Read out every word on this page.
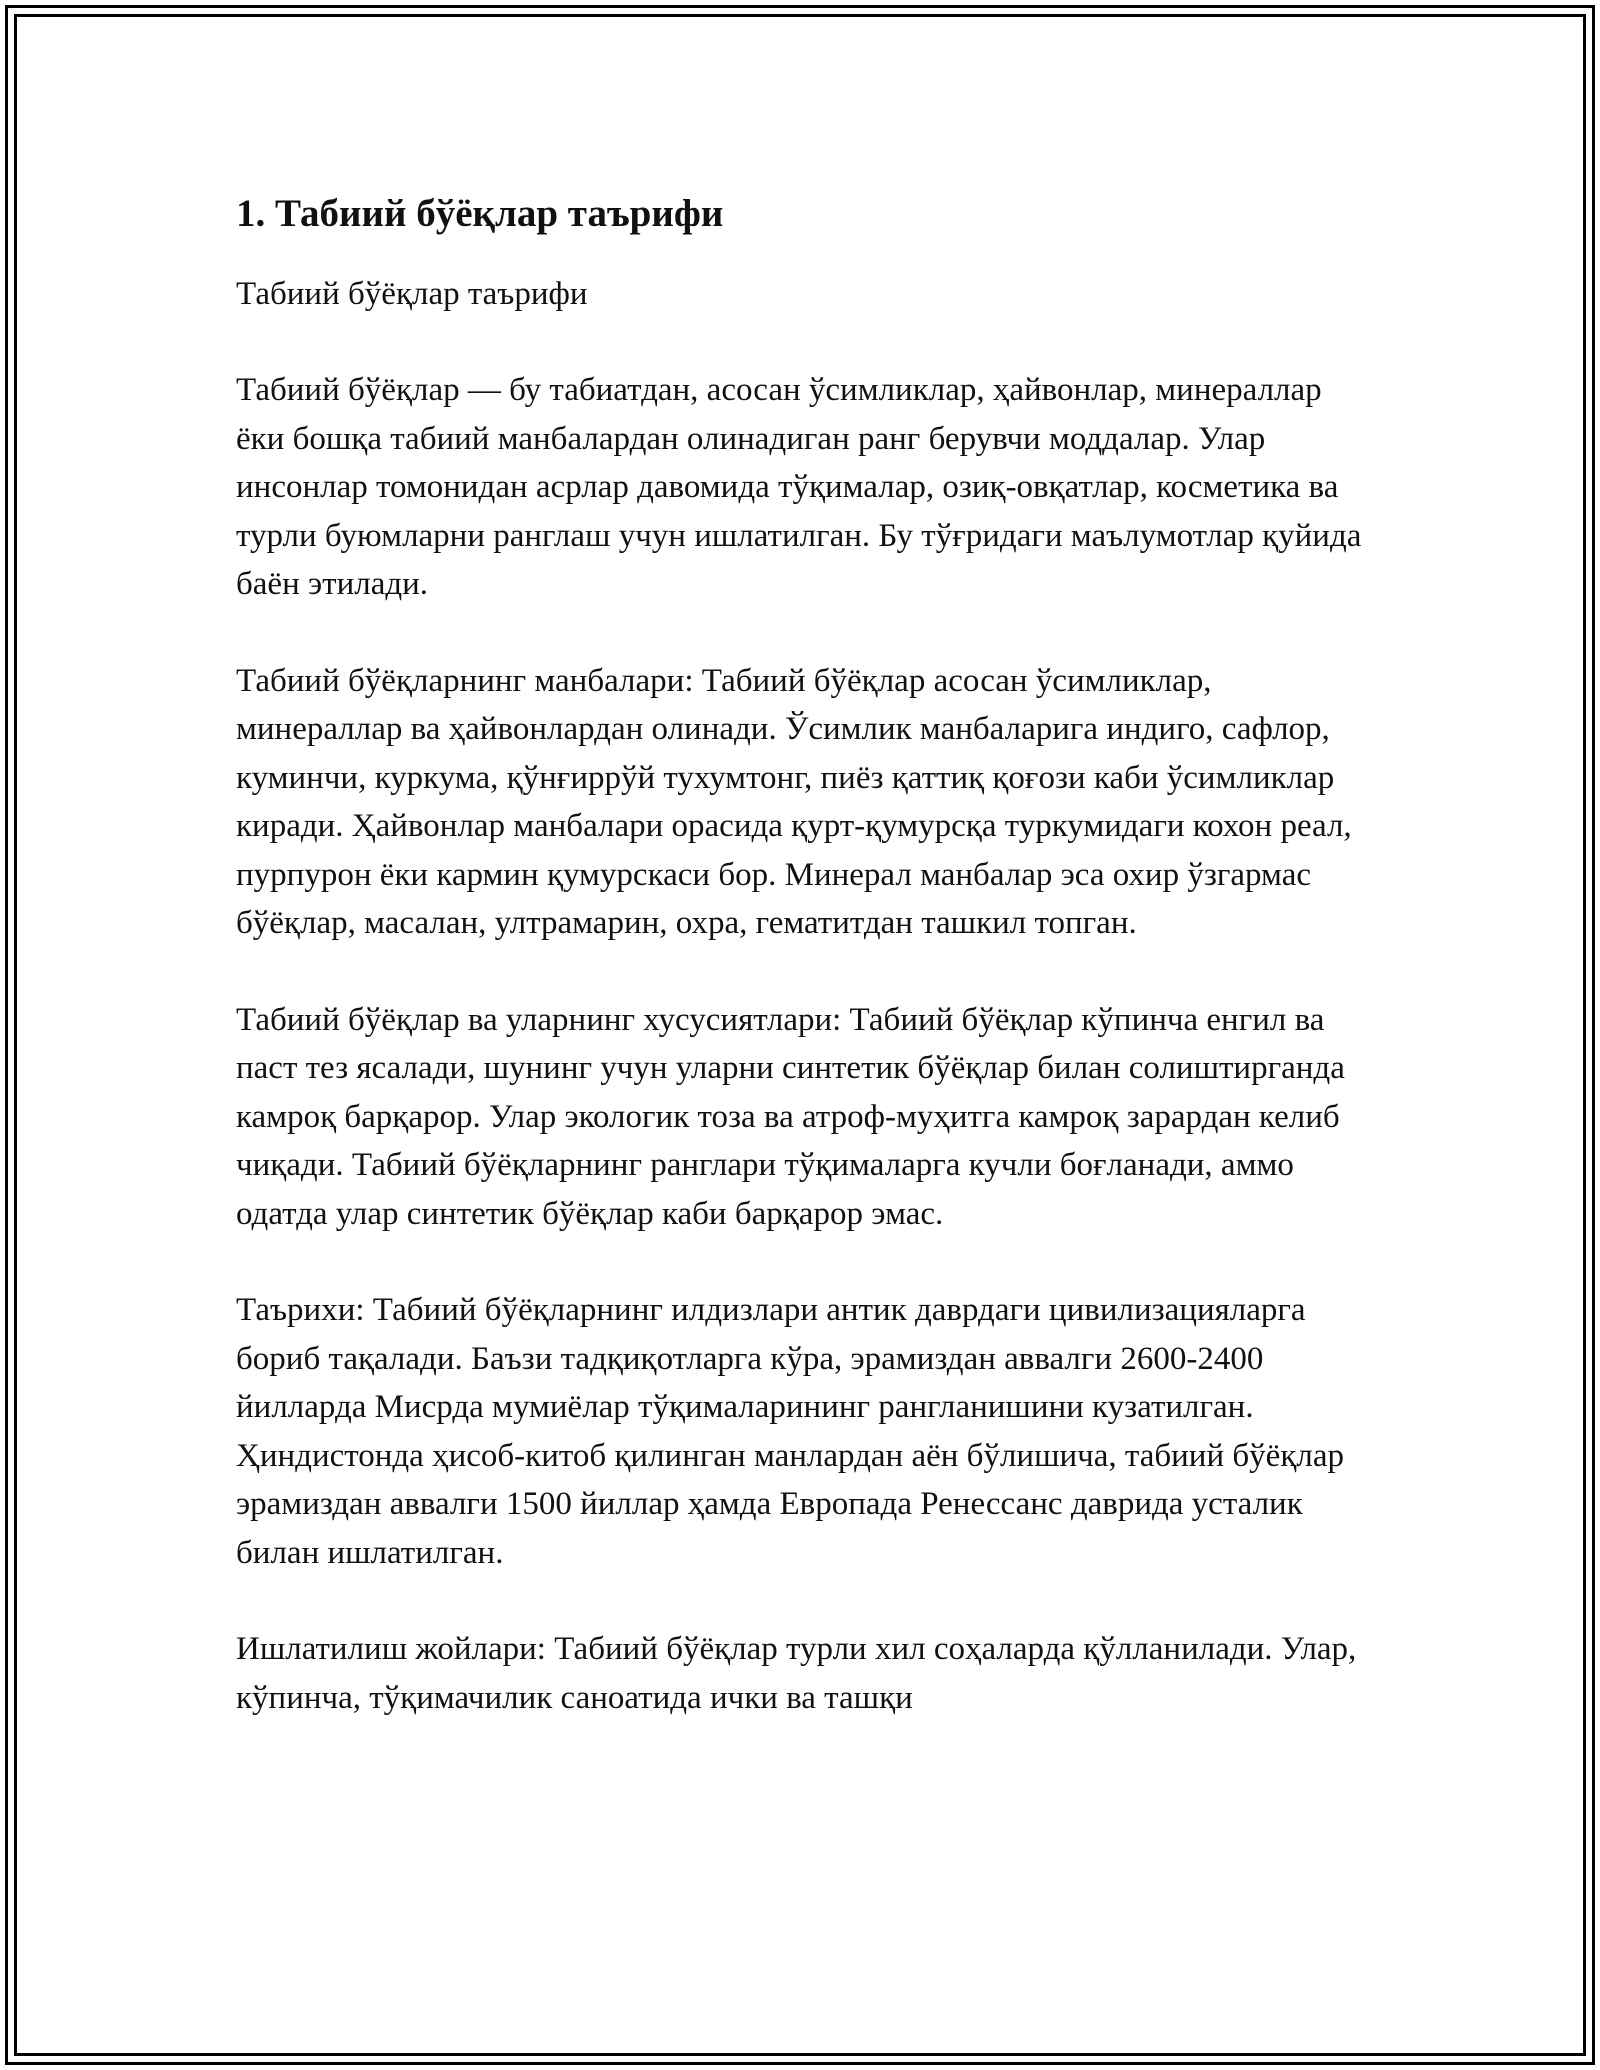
1. Табиий бўёқлар таърифи

Табиий бўёқлар таърифи

Табиий бўёқлар — бу табиатдан, асосан ўсимликлар, ҳайвонлар, минераллар ёки бошқа табиий манбалардан олинадиган ранг берувчи моддалар. Улар инсонлар томонидан асрлар давомида тўқималар, озиқ-овқатлар, косметика ва турли буюмларни ранглаш учун ишлатилган. Бу тўғридаги маълумотлар қуйида баён этилади.

Табиий бўёқларнинг манбалари: Табиий бўёқлар асосан ўсимликлар, минераллар ва ҳайвонлардан олинади. Ўсимлик манбаларига индиго, сафлор, куминчи, куркума, қўнғиррўй тухумтонг, пиёз қаттиқ қоғози каби ўсимликлар киради. Ҳайвонлар манбалари орасида қурт-қумурсқа туркумидаги кохон реал, пурпурон ёки кармин қумурскаси бор. Минерал манбалар эса охир ўзгармас бўёқлар, масалан, ултрамарин, охра, гематитдан ташкил топган.

Табиий бўёқлар ва уларнинг хусусиятлари: Табиий бўёқлар кўпинча енгил ва паст тез ясалади, шунинг учун уларни синтетик бўёқлар билан солиштирганда камроқ барқарор. Улар экологик тоза ва атроф-муҳитга камроқ зарардан келиб чиқади. Табиий бўёқларнинг ранглари тўқималарга кучли боғланади, аммо одатда улар синтетик бўёқлар каби барқарор эмас.

Таърихи: Табиий бўёқларнинг илдизлари антик даврдаги цивилизацияларга бориб тақалади. Баъзи тадқиқотларга кўра, эрамиздан аввалги 2600-2400 йилларда Мисрда мумиёлар тўқималарининг рангланишини кузатилган. Ҳиндистонда ҳисоб-китоб қилинган манлардан аён бўлишича, табиий бўёқлар эрамиздан аввалги 1500 йиллар ҳамда Европада Ренессанс даврида усталик билан ишлатилган.

Ишлатилиш жойлари: Табиий бўёқлар турли хил соҳаларда қўлланилади. Улар, кўпинча, тўқимачилик саноатида ички ва ташқи
